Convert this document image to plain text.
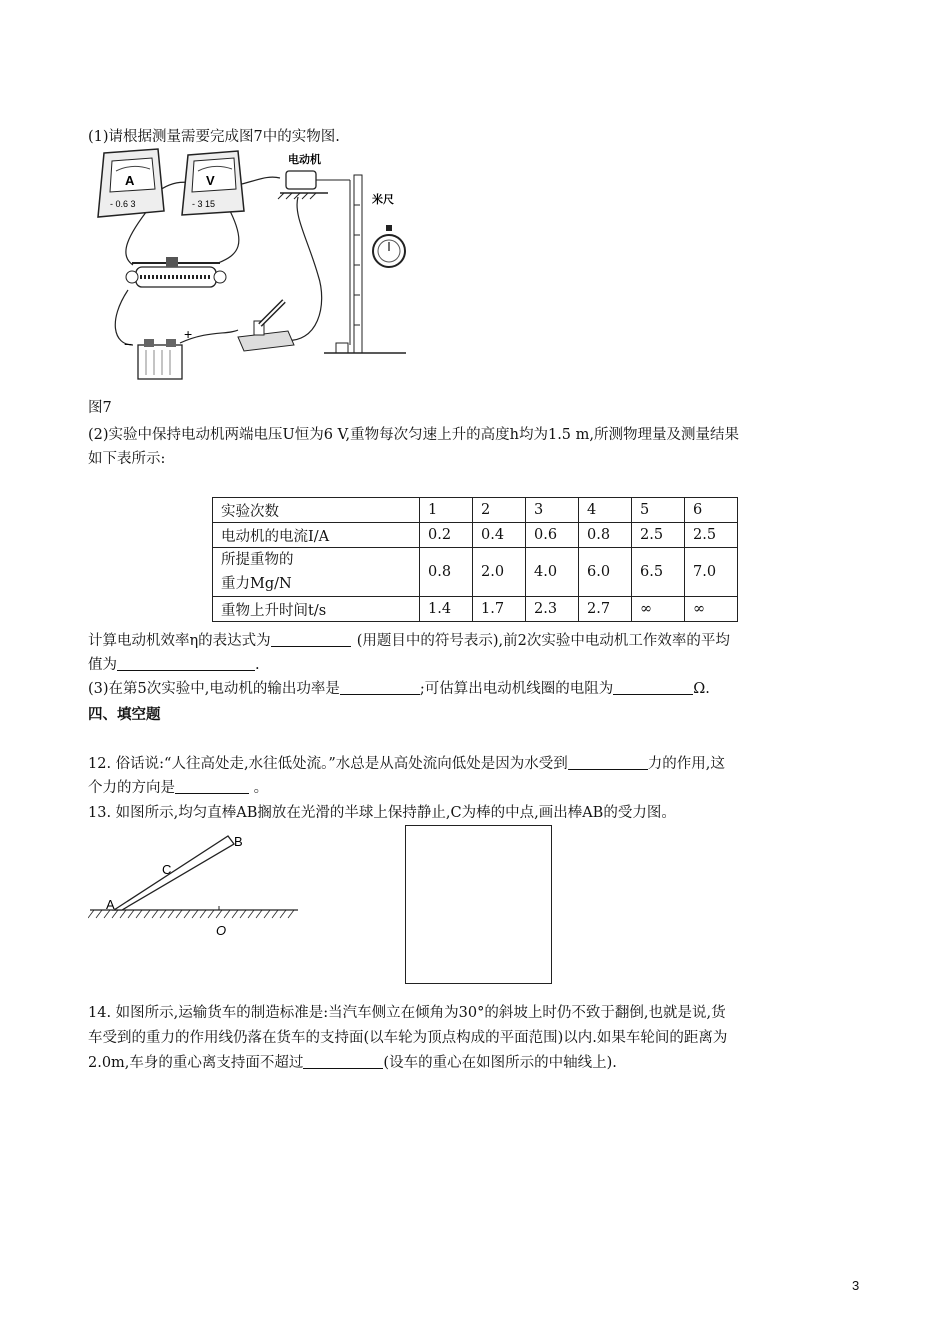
(1)请根据测量需要完成图7中的实物图.
A
- 0.6 3
V
- 3 15
−
+
电动机
米尺
图7
(2)实验中保持电动机两端电压U恒为6 V,重物每次匀速上升的高度h均为1.5 m,所测物理量及测量结果
如下表所示:
实验次数	1	2	3	4	5	6
电动机的电流I/A	0.2	0.4	0.6	0.8	2.5	2.5

所提重物的
重力Mg/N	0.8	2.0	4.0	6.0	6.5	7.0
重物上升时间t/s	1.4	1.7	2.3	2.7	∞	∞
计算电动机效率η的表达式为	(用题目中的符号表示),前2次实验中电动机工作效率的平均
值为	.
(3)在第5次实验中,电动机的输出功率是	;可估算出电动机线圈的电阻为	Ω.
四、填空题
12. 俗话说:“人往高处走,水往低处流。”水总是从高处流向低处是因为水受到	力的作用,这
个力的方向是	。
13. 如图所示,均匀直棒AB搁放在光滑的半球上保持静止,C为棒的中点,画出棒AB的受力图。
A
B
C
O
14. 如图所示,运输货车的制造标准是:当汽车侧立在倾角为30°的斜坡上时仍不致于翻倒,也就是说,货
车受到的重力的作用线仍落在货车的支持面(以车轮为顶点构成的平面范围)以内.如果车轮间的距离为
2.0m,车身的重心离支持面不超过	(设车的重心在如图所示的中轴线上).
3
